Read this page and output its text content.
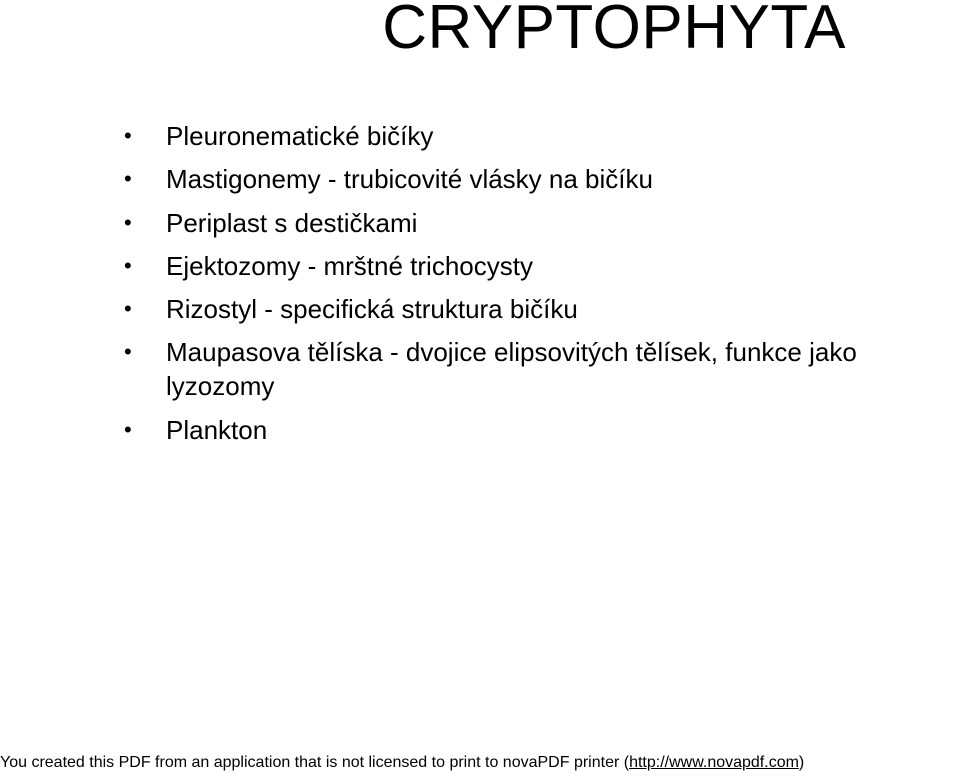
CRYPTOPHYTA
• Pleuronematické bičíky
• Mastigonemy - trubicovité vlásky na bičíku
• Periplast s destičkami
• Ejektozomy - mrštné trichocysty
• Rizostyl - specifická struktura bičíku
• Maupasova tělíska - dvojice elipsovitých tělísek, funkce jako lyzozomy
• Plankton
You created this PDF from an application that is not licensed to print to novaPDF printer (http://www.novapdf.com)
